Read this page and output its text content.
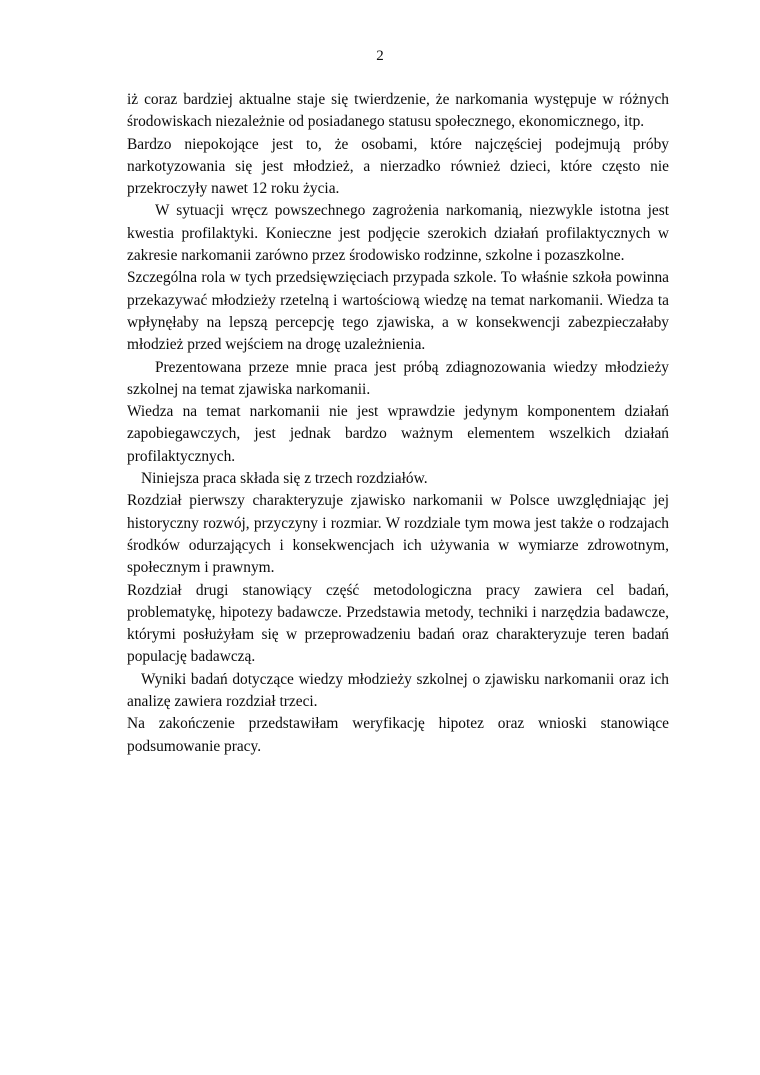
2

iż coraz bardziej aktualne staje się twierdzenie, że narkomania występuje w różnych środowiskach niezależnie od posiadanego statusu społecznego, ekonomicznego, itp.

Bardzo niepokojące jest to, że osobami, które najczęściej podejmują próby narkotyzowania się jest młodzież, a nierzadko również dzieci, które często nie przekroczyły nawet 12 roku życia.

W sytuacji wręcz powszechnego zagrożenia narkomanią, niezwykle istotna jest kwestia profilaktyki. Konieczne jest podjęcie szerokich działań profilaktycznych w zakresie narkomanii zarówno przez środowisko rodzinne, szkolne i pozaszkolne.

Szczególna rola w tych przedsięwzięciach przypada szkole. To właśnie szkoła powinna przekazywać młodzieży rzetelną i wartościową wiedzę na temat narkomanii. Wiedza ta wpłynęłaby na lepszą percepcję tego zjawiska, a w konsekwencji zabezpieczałaby młodzież przed wejściem na drogę uzależnienia.

Prezentowana przeze mnie praca jest próbą zdiagnozowania wiedzy młodzieży szkolnej na temat zjawiska narkomanii.

Wiedza na temat narkomanii nie jest wprawdzie jedynym komponentem działań zapobiegawczych, jest jednak bardzo ważnym elementem wszelkich działań profilaktycznych.

Niniejsza praca składa się z trzech rozdziałów.

Rozdział pierwszy charakteryzuje zjawisko narkomanii w Polsce uwzględniając jej historyczny rozwój, przyczyny i rozmiar. W rozdziale tym mowa jest także o rodzajach środków odurzających i konsekwencjach ich używania w wymiarze zdrowotnym, społecznym i prawnym.

Rozdział drugi stanowiący część metodologiczna pracy zawiera cel badań, problematykę, hipotezy badawcze. Przedstawia metody, techniki i narzędzia badawcze, którymi posłużyłam się w przeprowadzeniu badań oraz charakteryzuje teren badań populację badawczą.

Wyniki badań dotyczące wiedzy młodzieży szkolnej o zjawisku narkomanii oraz ich analizę zawiera rozdział trzeci.

Na zakończenie przedstawiłam weryfikację hipotez oraz wnioski stanowiące podsumowanie pracy.
